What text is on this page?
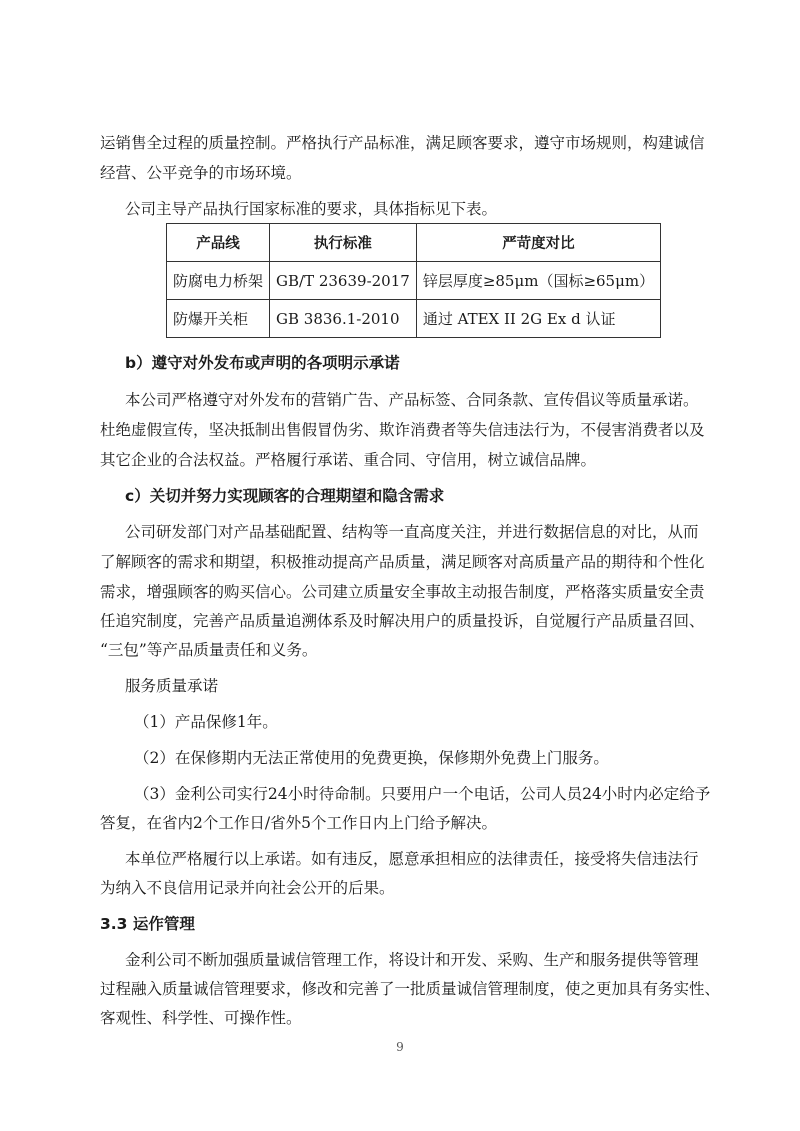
运销售全过程的质量控制。严格执行产品标准，满足顾客要求，遵守市场规则，构建诚信
经营、公平竞争的市场环境。
公司主导产品执行国家标准的要求，具体指标见下表。
产品线	执行标准	严苛度对比
防腐电力桥架	GB/T 23639-2017	锌层厚度≥85μm（国标≥65μm）
防爆开关柜	GB 3836.1-2010	通过 ATEX II 2G Ex d 认证
b）遵守对外发布或声明的各项明示承诺
本公司严格遵守对外发布的营销广告、产品标签、合同条款、宣传倡议等质量承诺。
杜绝虚假宣传，坚决抵制出售假冒伪劣、欺诈消费者等失信违法行为，不侵害消费者以及
其它企业的合法权益。严格履行承诺、重合同、守信用，树立诚信品牌。
c）关切并努力实现顾客的合理期望和隐含需求
公司研发部门对产品基础配置、结构等一直高度关注，并进行数据信息的对比，从而
了解顾客的需求和期望，积极推动提高产品质量，满足顾客对高质量产品的期待和个性化
需求，增强顾客的购买信心。公司建立质量安全事故主动报告制度，严格落实质量安全责
任追究制度，完善产品质量追溯体系及时解决用户的质量投诉，自觉履行产品质量召回、
“三包”等产品质量责任和义务。
服务质量承诺
（1）产品保修1年。
（2）在保修期内无法正常使用的免费更换，保修期外免费上门服务。
（3）金利公司实行24小时待命制。只要用户一个电话，公司人员24小时内必定给予
答复，在省内2个工作日/省外5个工作日内上门给予解决。
本单位严格履行以上承诺。如有违反，愿意承担相应的法律责任，接受将失信违法行
为纳入不良信用记录并向社会公开的后果。
3.3 运作管理
金利公司不断加强质量诚信管理工作，将设计和开发、采购、生产和服务提供等管理
过程融入质量诚信管理要求，修改和完善了一批质量诚信管理制度，使之更加具有务实性、
客观性、科学性、可操作性。
9
